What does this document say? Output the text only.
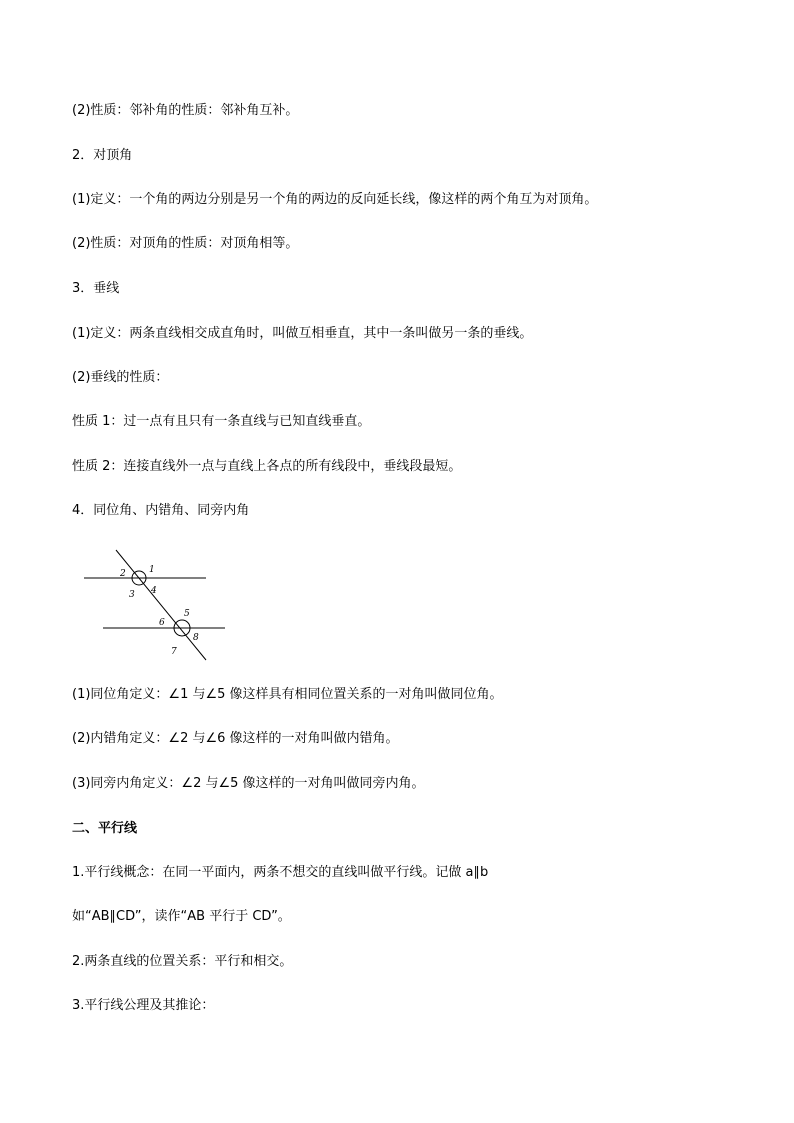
(2)性质：邻补角的性质：邻补角互补。
2．对顶角
(1)定义：一个角的两边分别是另一个角的两边的反向延长线，像这样的两个角互为对顶角。
(2)性质：对顶角的性质：对顶角相等。
3．垂线
(1)定义：两条直线相交成直角时，叫做互相垂直，其中一条叫做另一条的垂线。
(2)垂线的性质：
性质 1：过一点有且只有一条直线与已知直线垂直。
性质 2：连接直线外一点与直线上各点的所有线段中，垂线段最短。
4．同位角、内错角、同旁内角
1
2
3 4
5
6
7
8
(1)同位角定义：∠1 与∠5 像这样具有相同位置关系的一对角叫做同位角。
(2)内错角定义：∠2 与∠6 像这样的一对角叫做内错角。
(3)同旁内角定义：∠2 与∠5 像这样的一对角叫做同旁内角。
二、平行线
1.平行线概念：在同一平面内，两条不想交的直线叫做平行线。记做 a∥b
如“AB∥CD”，读作“AB 平行于 CD”。
2.两条直线的位置关系：平行和相交。
3.平行线公理及其推论：
